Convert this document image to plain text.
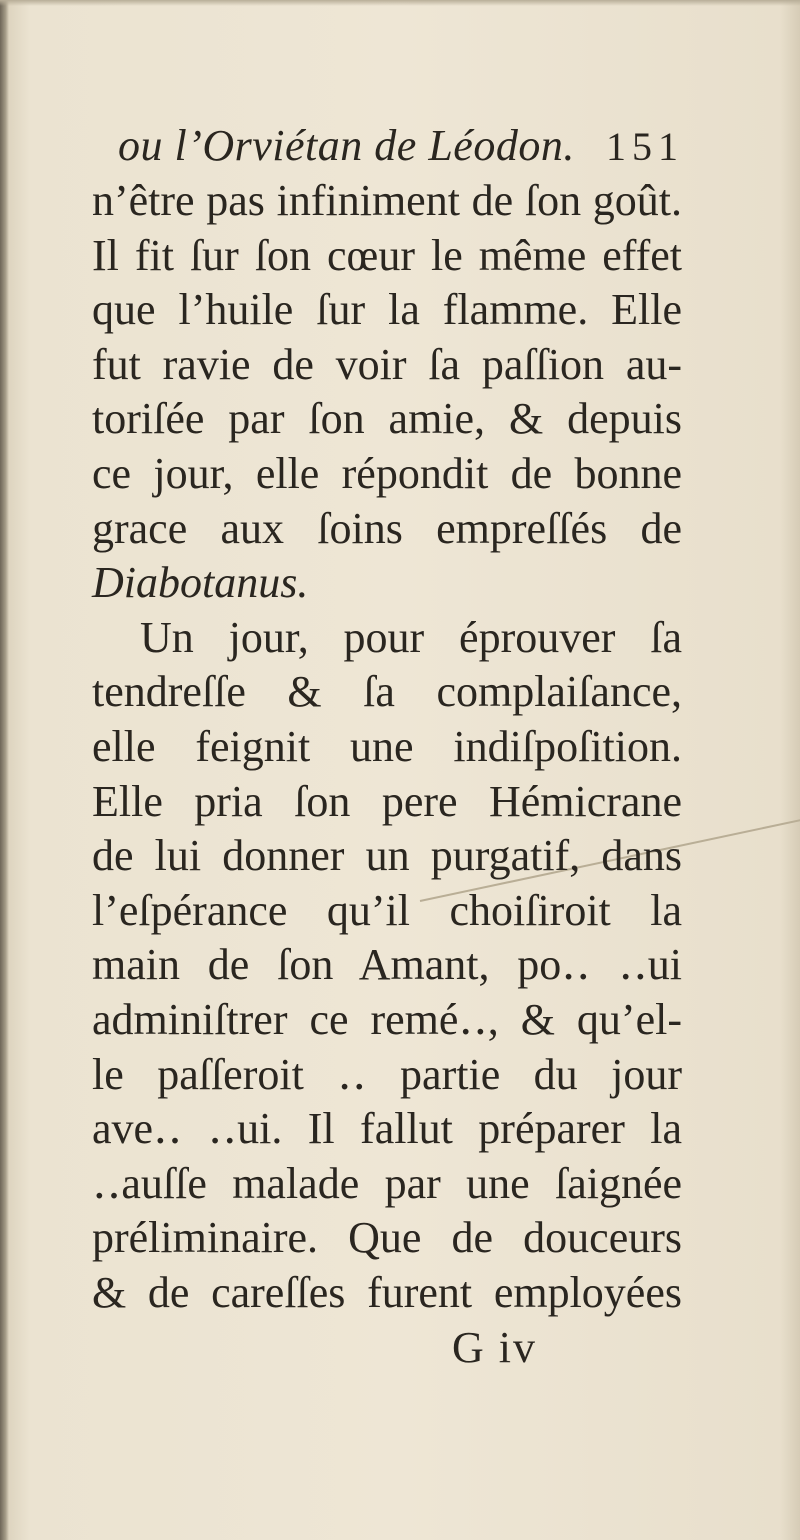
ou l’Orviétan de Léodon. 151
n’être pas infiniment de ſon goût.
Il fit ſur ſon cœur le même effet
que l’huile ſur la flamme. Elle
fut ravie de voir ſa paſſion au-
toriſée par ſon amie, & depuis
ce jour, elle répondit de bonne
grace aux ſoins empreſſés de
Diabotanus.
Un jour, pour éprouver ſa
tendreſſe & ſa complaiſance,
elle feignit une indiſpoſition.
Elle pria ſon pere Hémicrane
de lui donner un purgatif, dans
l’eſpérance qu’il choiſiroit la
main de ſon Amant, po‥ ‥ui
adminiſtrer ce remé‥, & qu’el-
le paſſeroit ‥ partie du jour
ave‥ ‥ui. Il fallut préparer la
‥auſſe malade par une ſaignée
préliminaire. Que de douceurs
& de careſſes furent employées
G iv
